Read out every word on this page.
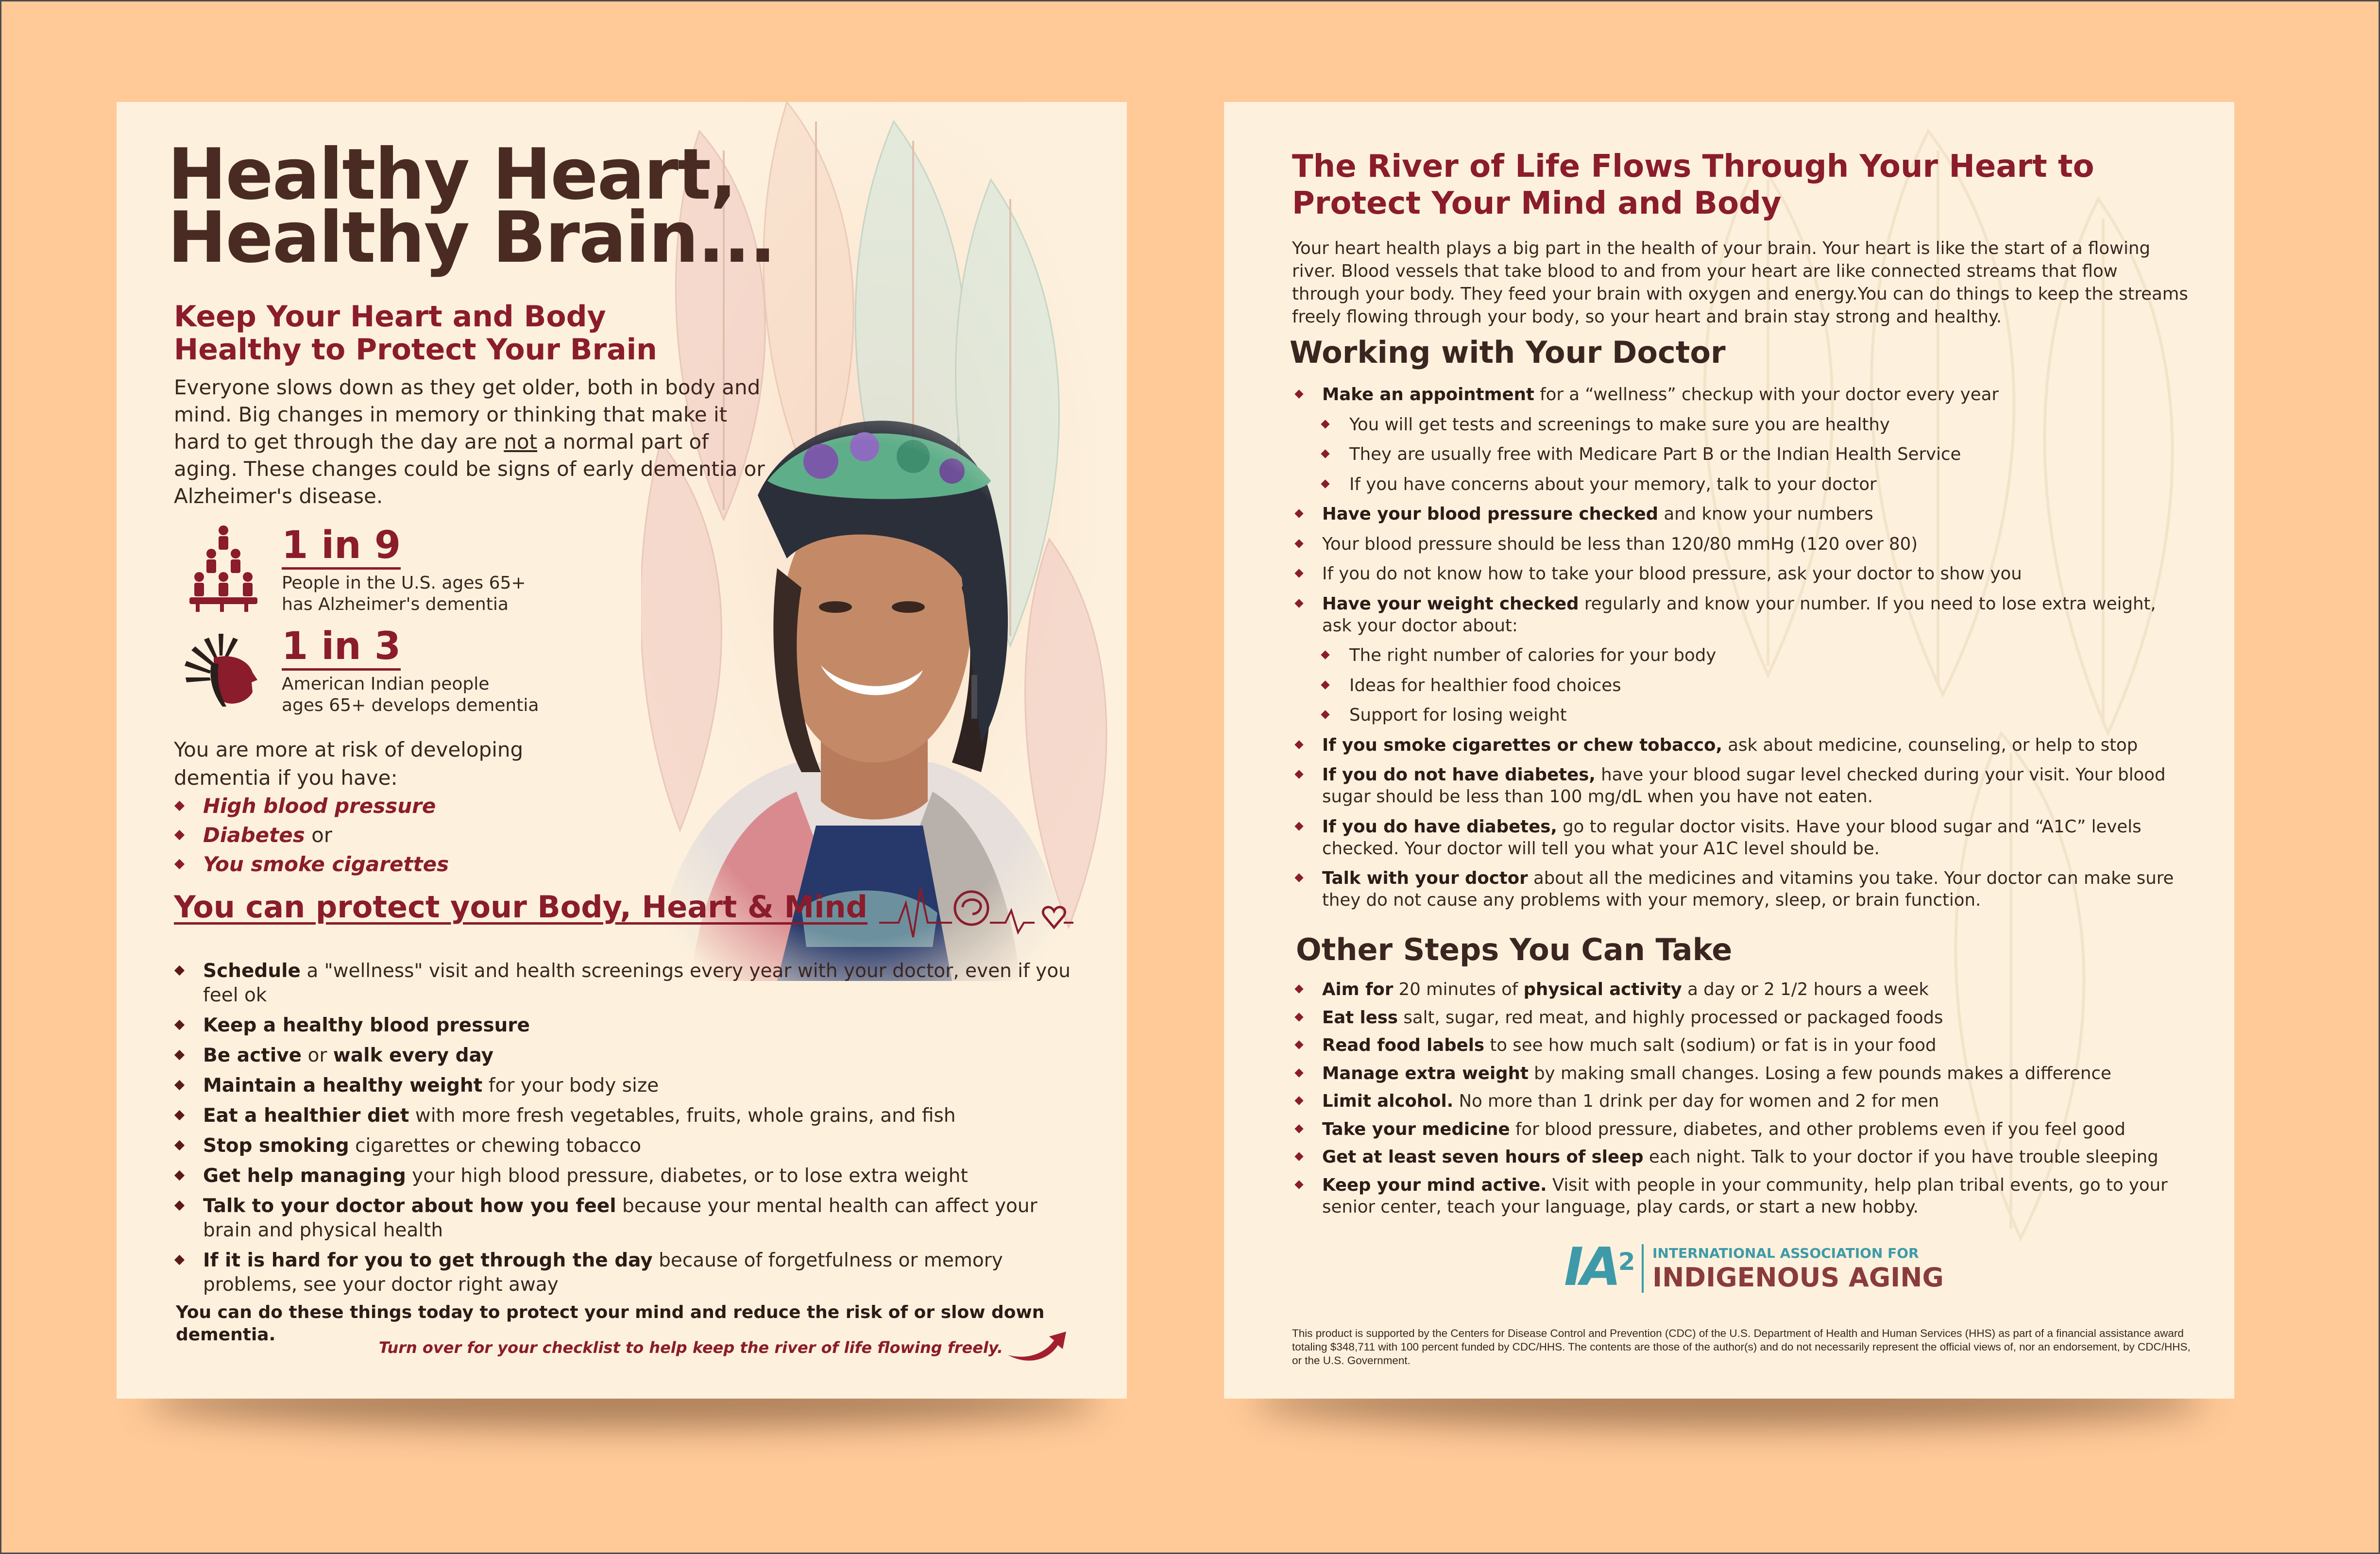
Healthy Heart,
Healthy Brain...
Keep Your Heart and Body Healthy to Protect Your Brain
Everyone slows down as they get older, both in body and mind. Big changes in memory or thinking that make it hard to get through the day are not a normal part of aging. These changes could be signs of early dementia or Alzheimer's disease.
1 in 9
People in the U.S. ages 65+
has Alzheimer's dementia
1 in 3
American Indian people
ages 65+ develops dementia
You are more at risk of developing dementia if you have:
High blood pressure
Diabetes or
You smoke cigarettes
You can protect your Body, Heart & Mind
Schedule a "wellness" visit and health screenings every year with your doctor, even if you feel ok
Keep a healthy blood pressure
Be active or walk every day
Maintain a healthy weight for your body size
Eat a healthier diet with more fresh vegetables, fruits, whole grains, and fish
Stop smoking cigarettes or chewing tobacco
Get help managing your high blood pressure, diabetes, or to lose extra weight
Talk to your doctor about how you feel because your mental health can affect your brain and physical health
If it is hard for you to get through the day because of forgetfulness or memory problems, see your doctor right away
You can do these things today to protect your mind and reduce the risk of or slow down dementia.
Turn over for your checklist to help keep the river of life flowing freely.
The River of Life Flows Through Your Heart to Protect Your Mind and Body
Your heart health plays a big part in the health of your brain. Your heart is like the start of a flowing river. Blood vessels that take blood to and from your heart are like connected streams that flow through your body. They feed your brain with oxygen and energy.You can do things to keep the streams freely flowing through your body, so your heart and brain stay strong and healthy.
Working with Your Doctor
Make an appointment for a “wellness” checkup with your doctor every year
You will get tests and screenings to make sure you are healthy
They are usually free with Medicare Part B or the Indian Health Service
If you have concerns about your memory, talk to your doctor
Have your blood pressure checked and know your numbers
Your blood pressure should be less than 120/80 mmHg (120 over 80)
If you do not know how to take your blood pressure, ask your doctor to show you
Have your weight checked regularly and know your number. If you need to lose extra weight, ask your doctor about:
The right number of calories for your body
Ideas for healthier food choices
Support for losing weight
If you smoke cigarettes or chew tobacco, ask about medicine, counseling, or help to stop
If you do not have diabetes, have your blood sugar level checked during your visit. Your blood sugar should be less than 100 mg/dL when you have not eaten.
If you do have diabetes, go to regular doctor visits. Have your blood sugar and “A1C” levels checked. Your doctor will tell you what your A1C level should be.
Talk with your doctor about all the medicines and vitamins you take. Your doctor can make sure they do not cause any problems with your memory, sleep, or brain function.
Other Steps You Can Take
Aim for 20 minutes of physical activity a day or 2 1/2 hours a week
Eat less salt, sugar, red meat, and highly processed or packaged foods
Read food labels to see how much salt (sodium) or fat is in your food
Manage extra weight by making small changes. Losing a few pounds makes a difference
Limit alcohol. No more than 1 drink per day for women and 2 for men
Take your medicine for blood pressure, diabetes, and other problems even if you feel good
Get at least seven hours of sleep each night. Talk to your doctor if you have trouble sleeping
Keep your mind active. Visit with people in your community, help plan tribal events, go to your senior center, teach your language, play cards, or start a new hobby.
$IA^2$ INTERNATIONAL ASSOCIATION FOR
INDIGENOUS AGING
This product is supported by the Centers for Disease Control and Prevention (CDC) of the U.S. Department of Health and Human Services (HHS) as part of a financial assistance award totaling $348,711 with 100 percent funded by CDC/HHS. The contents are those of the author(s) and do not necessarily represent the official views of, nor an endorsement, by CDC/HHS, or the U.S. Government.
